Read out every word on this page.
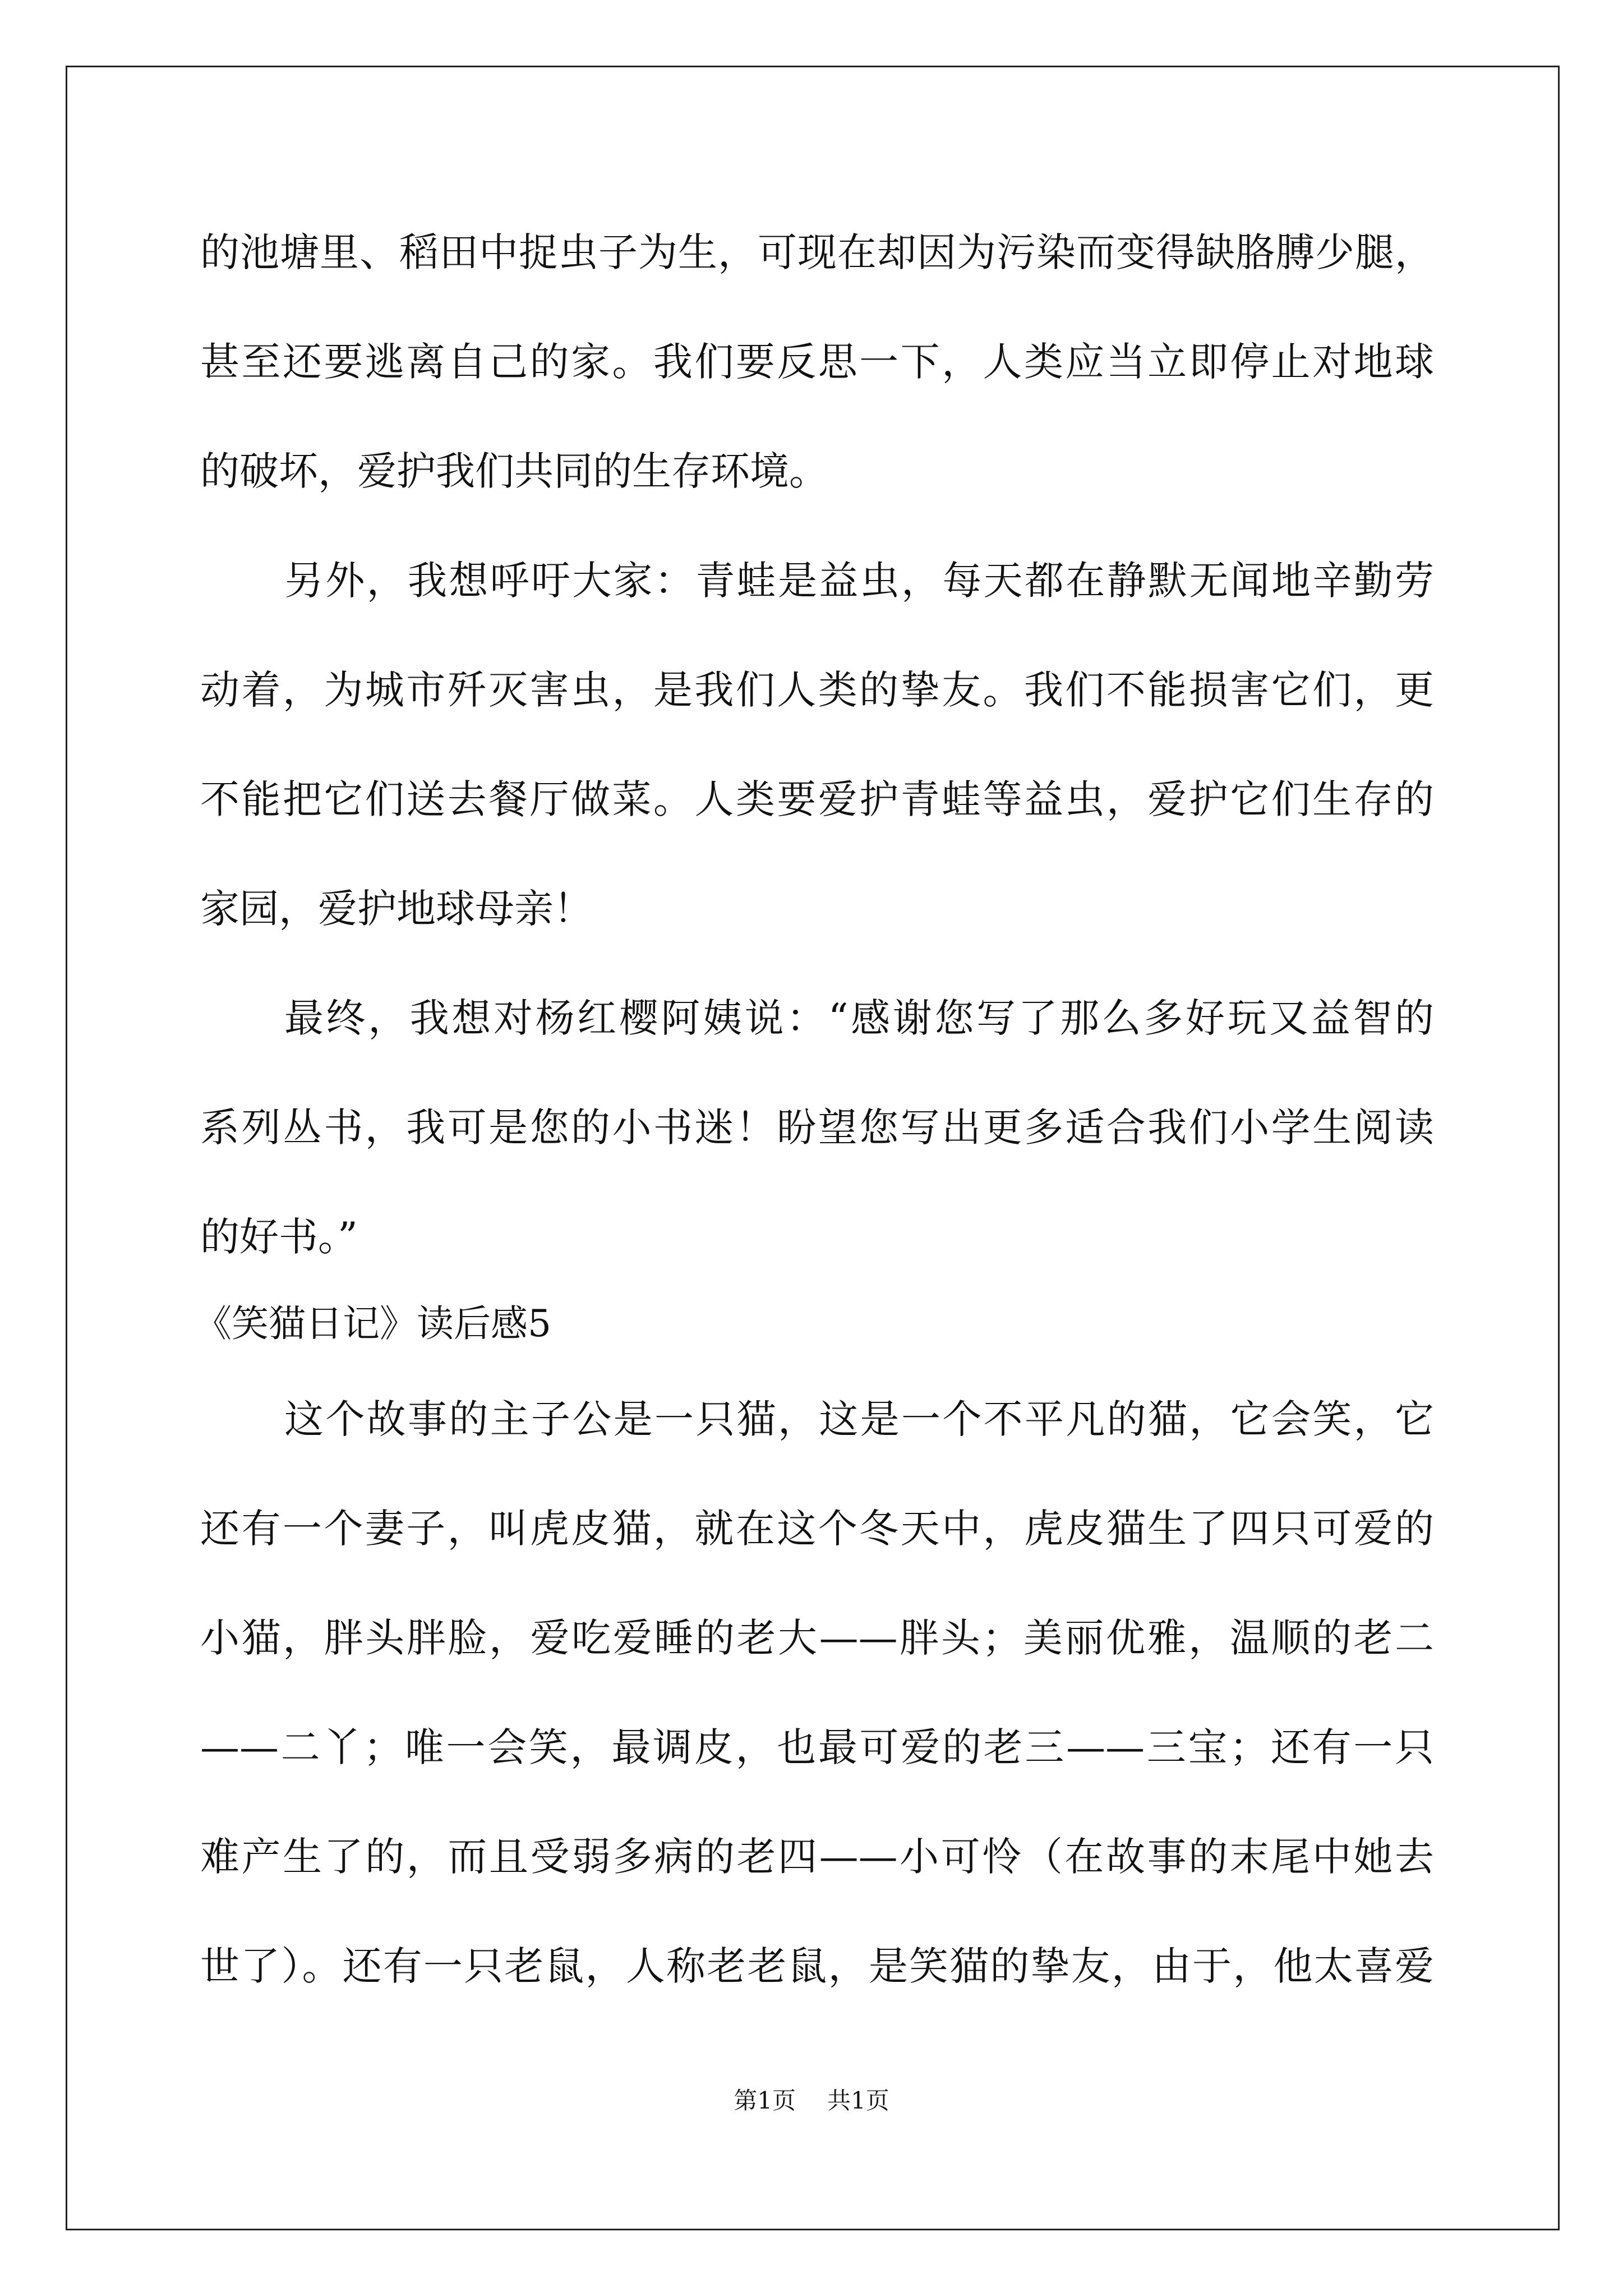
的池塘里、稻田中捉虫子为生，可现在却因为污染而变得缺胳膊少腿，
甚至还要逃离自己的家。我们要反思一下，人类应当立即停止对地球
的破坏，爱护我们共同的生存环境。
另外，我想呼吁大家：青蛙是益虫，每天都在静默无闻地辛勤劳
动着，为城市歼灭害虫，是我们人类的挚友。我们不能损害它们，更
不能把它们送去餐厅做菜。人类要爱护青蛙等益虫，爱护它们生存的
家园，爱护地球母亲！
最终，我想对杨红樱阿姨说：“感谢您写了那么多好玩又益智的
系列丛书，我可是您的小书迷！盼望您写出更多适合我们小学生阅读
的好书。”
《笑猫日记》读后感5
这个故事的主子公是一只猫，这是一个不平凡的猫，它会笑，它
还有一个妻子，叫虎皮猫，就在这个冬天中，虎皮猫生了四只可爱的
小猫，胖头胖脸，爱吃爱睡的老大——胖头；美丽优雅，温顺的老二
——二丫；唯一会笑，最调皮，也最可爱的老三——三宝；还有一只
难产生了的，而且受弱多病的老四——小可怜（在故事的末尾中她去
世了）。还有一只老鼠，人称老老鼠，是笑猫的挚友，由于，他太喜爱
第1页 共1页
